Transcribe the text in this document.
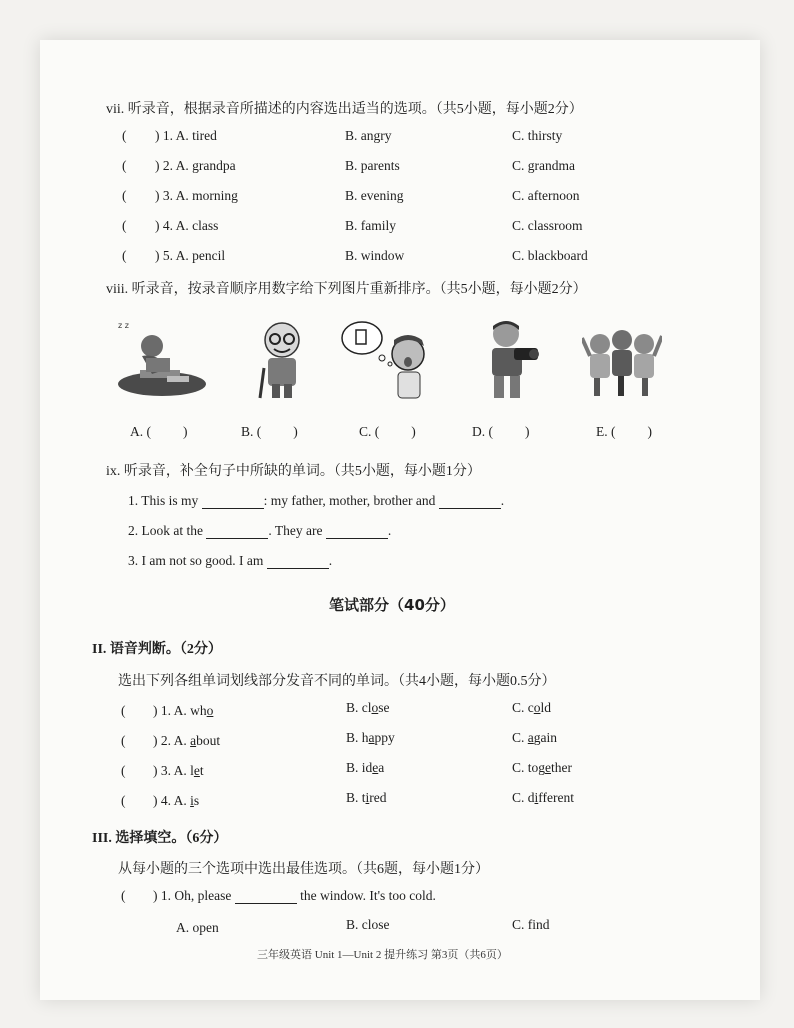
vii. 听录音，根据录音所描述的内容选出适当的选项。（共5小题，每小题2分）
( ) 1. A. tired	B. angry	C. thirsty
( ) 2. A. grandpa	B. parents	C. grandma
( ) 3. A. morning	B. evening	C. afternoon
( ) 4. A. class	B. family	C. classroom
( ) 5. A. pencil	B. window	C. blackboard
viii. 听录音，按录音顺序用数字给下列图片重新排序。（共5小题，每小题2分）
z z
A. ( )	B. ( )	C. ( )	D. ( )	E. ( )
ix. 听录音，补全句子中所缺的单词。（共5小题，每小题1分）
1. This is my	: my father, mother, brother and	.
2. Look at the	. They are	.
3. I am not so good. I am	.
笔试部分（40分）
II. 语音判断。（2分）
选出下列各组单词划线部分发音不同的单词。（共4小题，每小题0.5分）
( ) 1. A. who	B. close	C. cold
( ) 2. A. about	B. happy	C. again
( ) 3. A. let	B. idea	C. together
( ) 4. A. is	B. tired	C. different
III. 选择填空。（6分）
从每小题的三个选项中选出最佳选项。（共6题，每小题1分）
( ) 1. Oh, please	the window. It's too cold.
A. open	B. close	C. find
三年级英语 Unit 1—Unit 2 提升练习 第3页（共6页）
